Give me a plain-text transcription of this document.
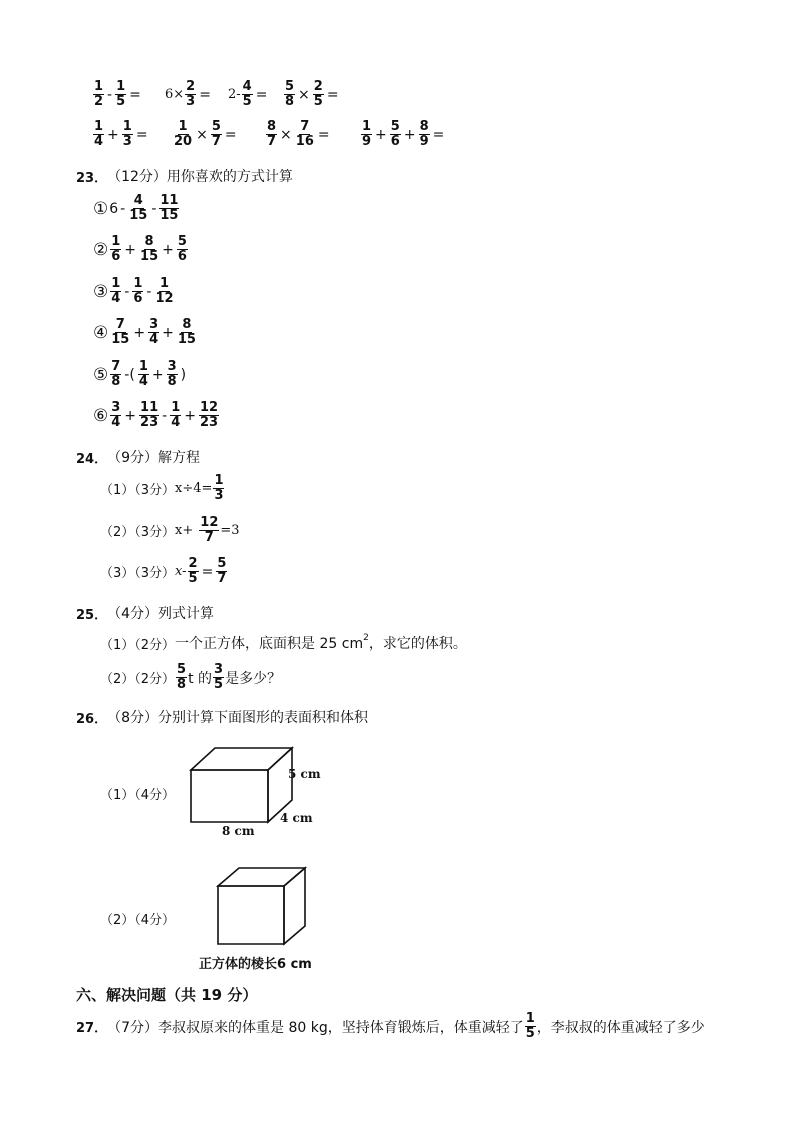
$\frac{1}{2} - \frac{1}{5} = 6\times \frac{2}{3} = 2- \frac{4}{5} = \frac{5}{8} \times \frac{2}{5}$ =
$\frac{1}{4} + \frac{1}{3} = \frac{1}{20} \times \frac{5}{7} = \frac{8}{7} \times \frac{7}{16} = \frac{1}{9} + \frac{5}{6} + \frac{8}{9}$ =
23． （12分）用你喜欢的方式计算
① $6 - \frac{4}{15} - \frac{11}{15}$
② $\frac{1}{6} + \frac{8}{15} + \frac{5}{6}$
③ $\frac{1}{4} - \frac{1}{6} - \frac{1}{12}$
④ $\frac{7}{15} + \frac{3}{4} + \frac{8}{15}$
⑤ $\frac{7}{8}$ -( $\frac{1}{4} + \frac{3}{8}$ )
⑥ $\frac{3}{4} + \frac{11}{23} - \frac{1}{4} + \frac{12}{23}$
24． （9分）解方程
（1）（3分） $x\div 4= \frac{1}{3}$
（2）（3分） $x+ \frac{12}{7} =3$
（3）（3分） $x- \frac{2}{5} = \frac{5}{7}$
25． （4分）列式计算
（1）（2分） 一个正方体，底面积是 25 $cm^2$ ，求它的体积。
（2）（2分） $\frac{5}{8}$ t 的 $\frac{3}{5}$ 是多少？
26． （8分）分别计算下面图形的表面积和体积
（1）（4分）
5 cm
4 cm
8 cm
（2）（4分）
正方体的棱长6 cm
六、解决问题（共 19 分）
27． （7分）李叔叔原来的体重是 80 kg，坚持体育锻炼后，体重减轻了 $\frac{1}{5}$ ，李叔叔的体重减轻了多少
